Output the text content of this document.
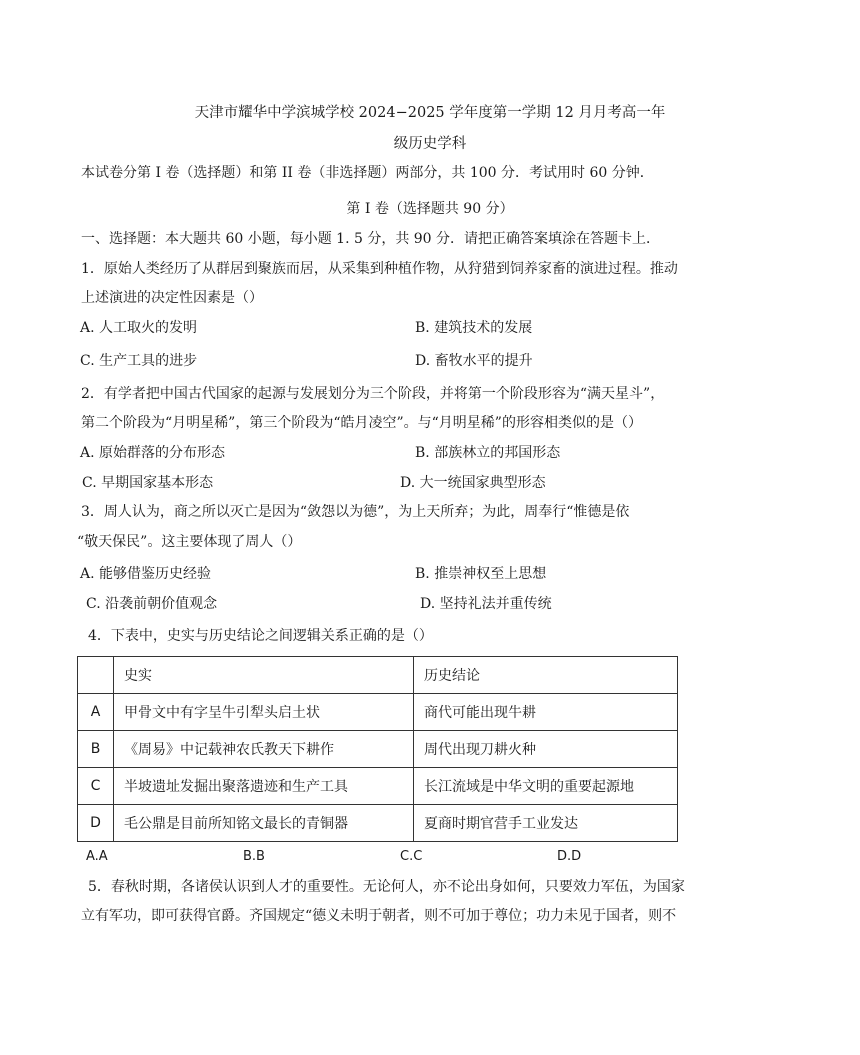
天津市耀华中学滨城学校 2024−2025 学年度第一学期 12 月月考高一年
级历史学科
本试卷分第 I 卷（选择题）和第 II 卷（非选择题）两部分，共 100 分．考试用时 60 分钟．
第 I 卷（选择题共 90 分）
一、选择题：本大题共 60 小题，每小题 1. 5 分，共 90 分．请把正确答案填涂在答题卡上．
1．原始人类经历了从群居到聚族而居，从采集到种植作物，从狩猎到饲养家畜的演进过程。推动
上述演进的决定性因素是（）
A. 人工取火的发明	B. 建筑技术的发展
C. 生产工具的进步	D. 畜牧水平的提升
2．有学者把中国古代国家的起源与发展划分为三个阶段，并将第一个阶段形容为“满天星斗”，
第二个阶段为“月明星稀”，第三个阶段为“皓月凌空”。与“月明星稀”的形容相类似的是（）
A. 原始群落的分布形态	B. 部族林立的邦国形态
C. 早期国家基本形态	D. 大一统国家典型形态
3．周人认为，商之所以灭亡是因为“敛怨以为德”，为上天所弃；为此，周奉行“惟德是依
“敬天保民”。这主要体现了周人（）
A. 能够借鉴历史经验	B. 推崇神权至上思想
C. 沿袭前朝价值观念	D. 坚持礼法并重传统
4．下表中，史实与历史结论之间逻辑关系正确的是（）
	史实	历史结论
A	甲骨文中有字呈牛引犁头启土状	商代可能出现牛耕
B	《周易》中记载神农氏教天下耕作	周代出现刀耕火种
C	半坡遗址发掘出聚落遗迹和生产工具	长江流域是中华文明的重要起源地
D	毛公鼎是目前所知铭文最长的青铜器	夏商时期官营手工业发达
A.A	B.B	C.C	D.D
5．春秋时期，各诸侯认识到人才的重要性。无论何人，亦不论出身如何，只要效力军伍，为国家
立有军功，即可获得官爵。齐国规定“德义未明于朝者，则不可加于尊位；功力未见于国者，则不
